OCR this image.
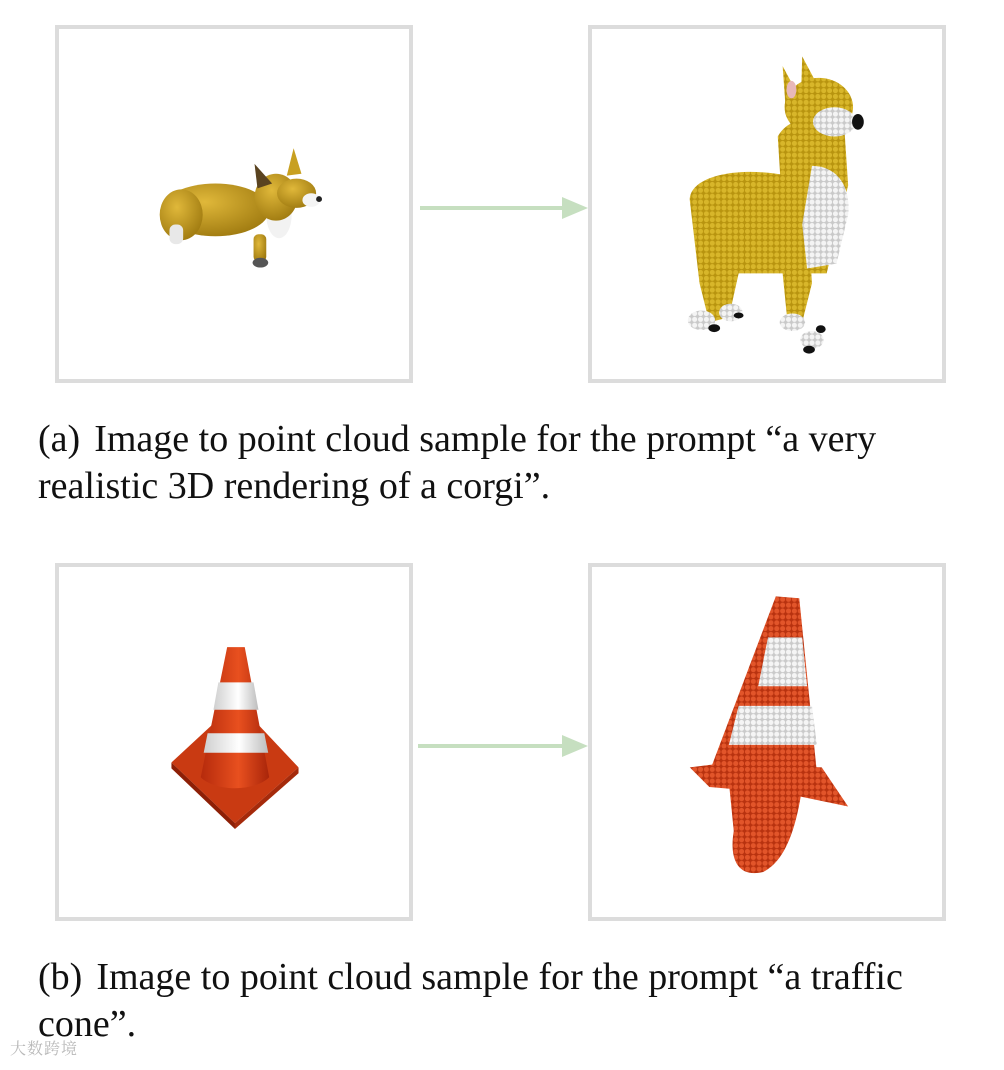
(a) Image to point cloud sample for the prompt “a very realistic 3D rendering of a corgi”.
(b) Image to point cloud sample for the prompt “a traffic cone”.
大数跨境
